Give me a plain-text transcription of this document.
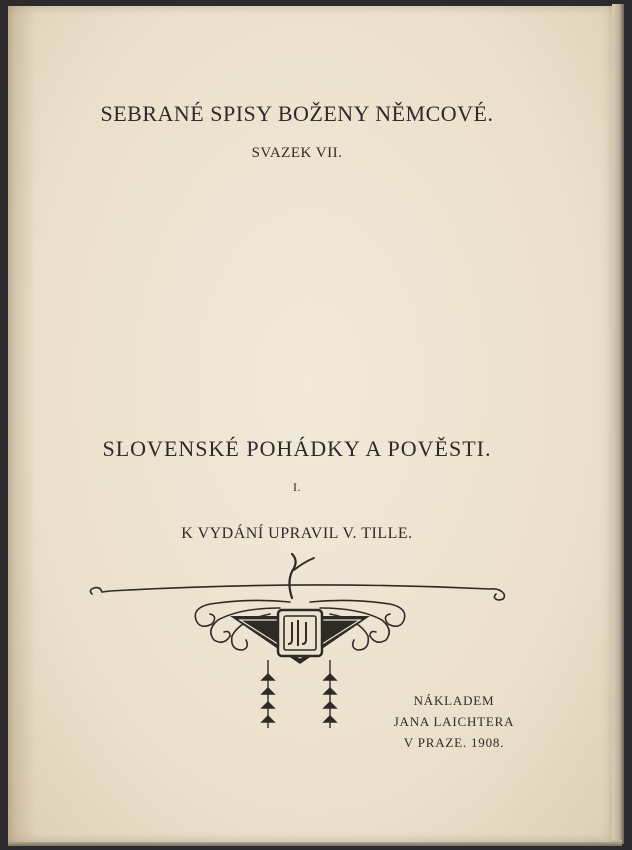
SEBRANÉ SPISY BOŽENY NĚMCOVÉ.
SVAZEK VII.
SLOVENSKÉ POHÁDKY A POVĚSTI.
I.
K VYDÁNÍ UPRAVIL V. TILLE.
NÁKLADEM
JANA LAICHTERA
V PRAZE. 1908.
